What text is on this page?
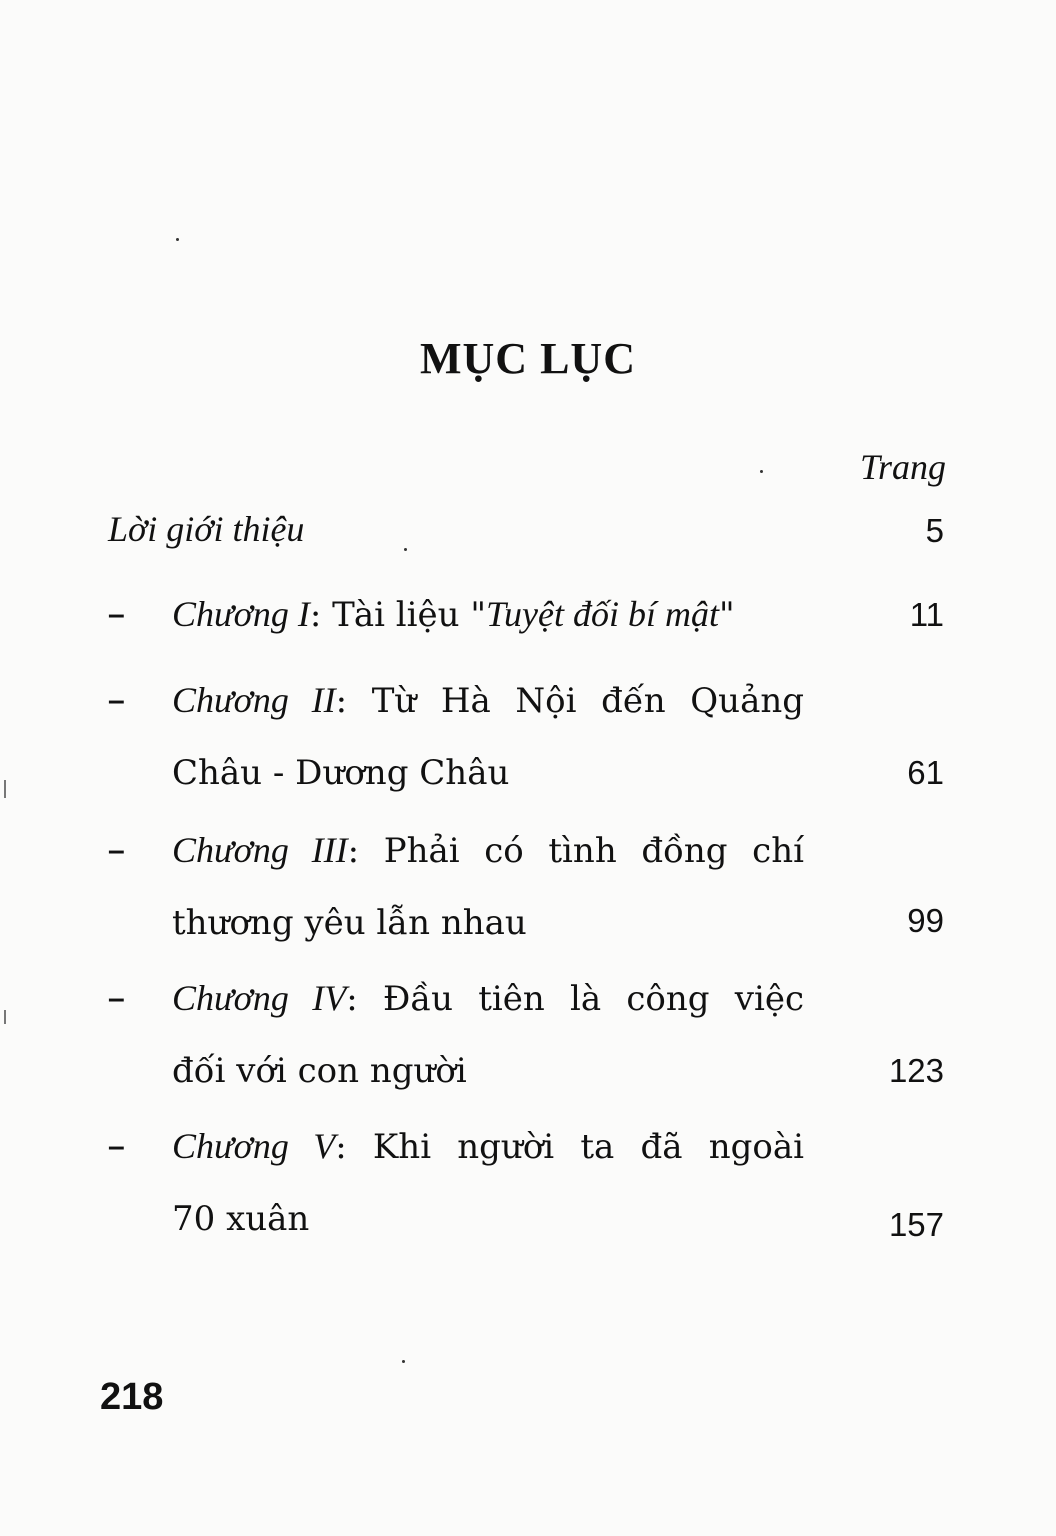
MỤC LỤC
Trang
Lời giới thiệu	5
– Chương I: Tài liệu "Tuyệt đối bí mật"	11
– Chương II: Từ Hà Nội đến Quảng
Châu - Dương Châu	61
– Chương III: Phải có tình đồng chí
thương yêu lẫn nhau	99
– Chương IV: Đầu tiên là công việc
đối với con người	123
– Chương V: Khi người ta đã ngoài
70 xuân	157
218
